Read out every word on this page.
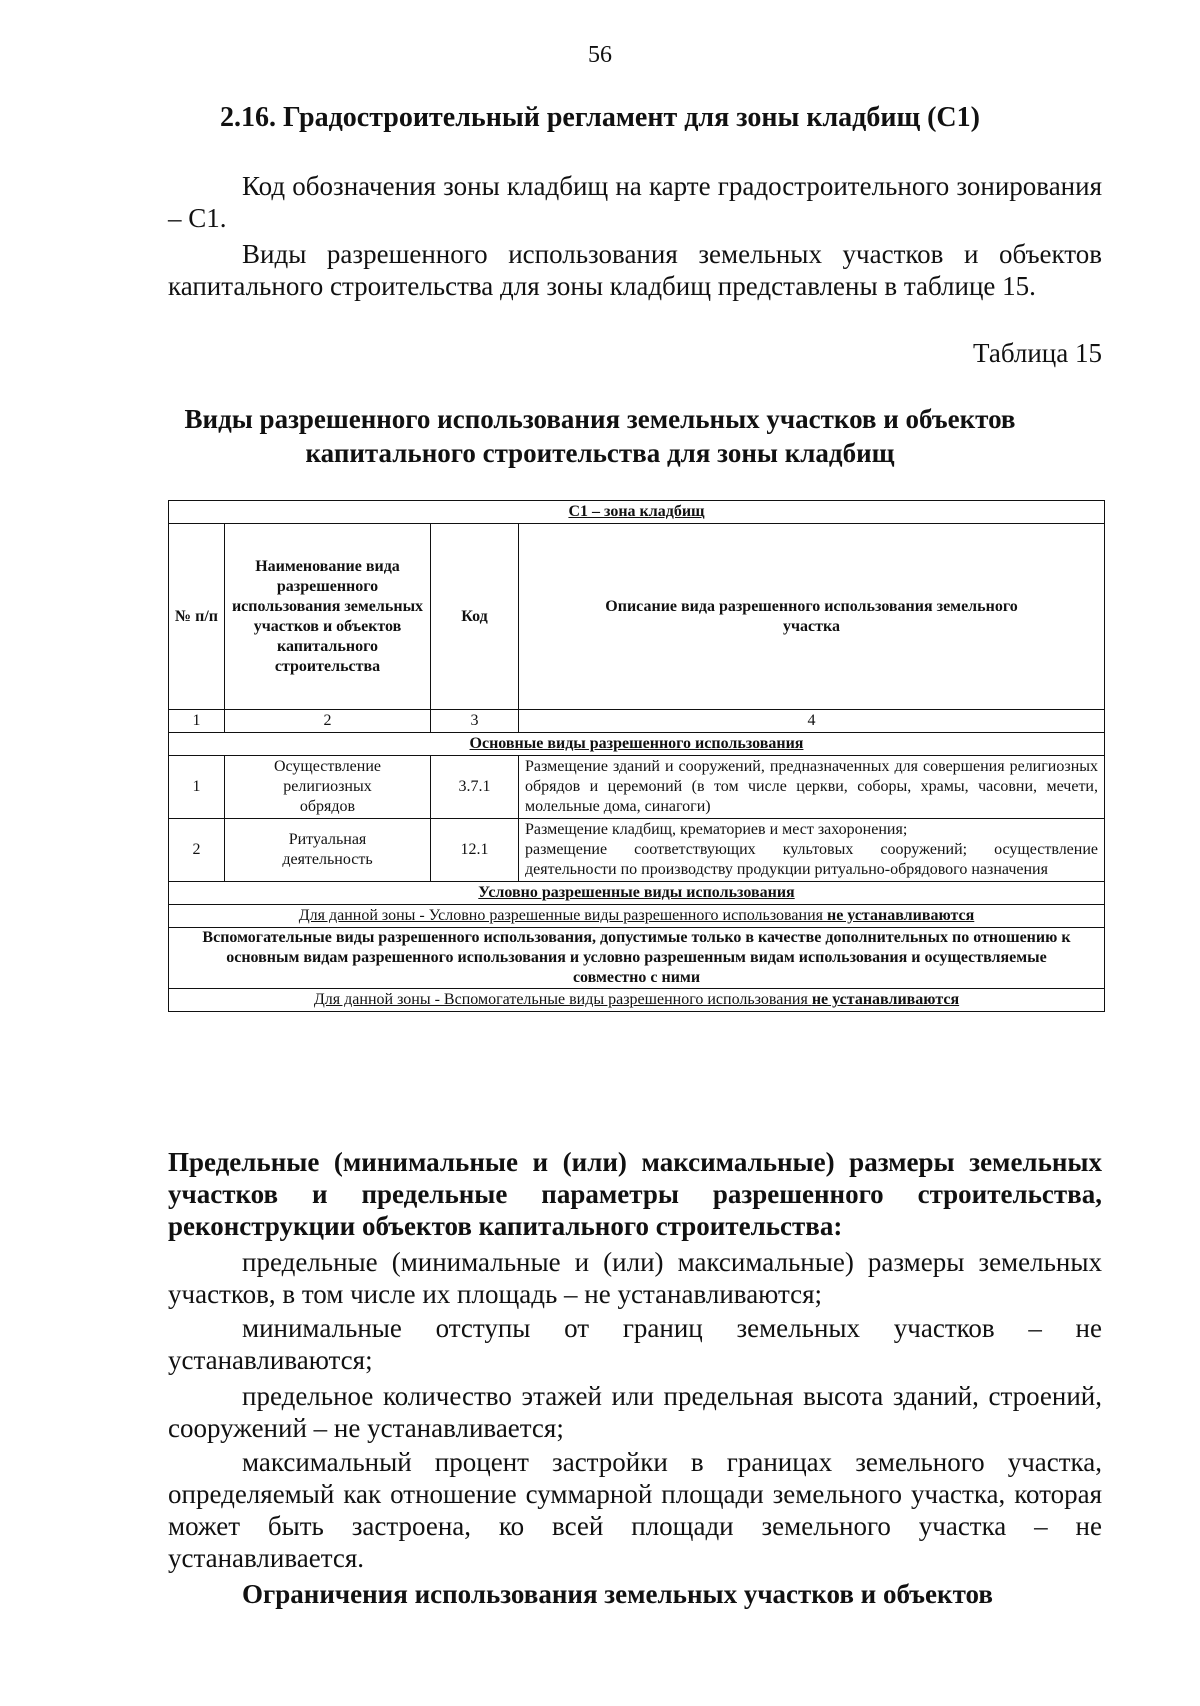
56
2.16. Градостроительный регламент для зоны кладбищ (С1)
Код обозначения зоны кладбищ на карте градостроительного зонирования – С1.
Виды разрешенного использования земельных участков и объектов капитального строительства для зоны кладбищ представлены в таблице 15.
Таблица 15
Виды разрешенного использования земельных участков и объектов
капитального строительства для зоны кладбищ
С1 – зона кладбищ			
№ п/п	Наименование вида разрешенного использования земельных участков и объектов капитального строительства	Код	Описание вида разрешенного использования земельного участка
1	2	3	4
Основные виды разрешенного использования			
1	Осуществление религиозных обрядов	3.7.1	Размещение зданий и сооружений, предназначенных для совершения религиозных обрядов и церемоний (в том числе церкви, соборы, храмы, часовни, мечети, молельные дома, синагоги)
2	Ритуальная деятельность	12.1	Размещение кладбищ, крематориев и мест захоронения;
размещение соответствующих культовых сооружений; осуществление деятельности по производству продукции ритуально-обрядового назначения

Условно разрешенные виды использования			
Для данной зоны - Условно разрешенные виды разрешенного использования не устанавливаются			
Вспомогательные виды разрешенного использования, допустимые только в качестве дополнительных по отношению к основным видам разрешенного использования и условно разрешенным видам использования и осуществляемые совместно с ними			
Для данной зоны - Вспомогательные виды разрешенного использования не устанавливаются			
Предельные (минимальные и (или) максимальные) размеры земельных участков и предельные параметры разрешенного строительства, реконструкции объектов капитального строительства:
предельные (минимальные и (или) максимальные) размеры земельных участков, в том числе их площадь – не устанавливаются;
минимальные отступы от границ земельных участков – не устанавливаются;
предельное количество этажей или предельная высота зданий, строений, сооружений – не устанавливается;
максимальный процент застройки в границах земельного участка, определяемый как отношение суммарной площади земельного участка, которая может быть застроена, ко всей площади земельного участка – не устанавливается.
Ограничения использования земельных участков и объектов
